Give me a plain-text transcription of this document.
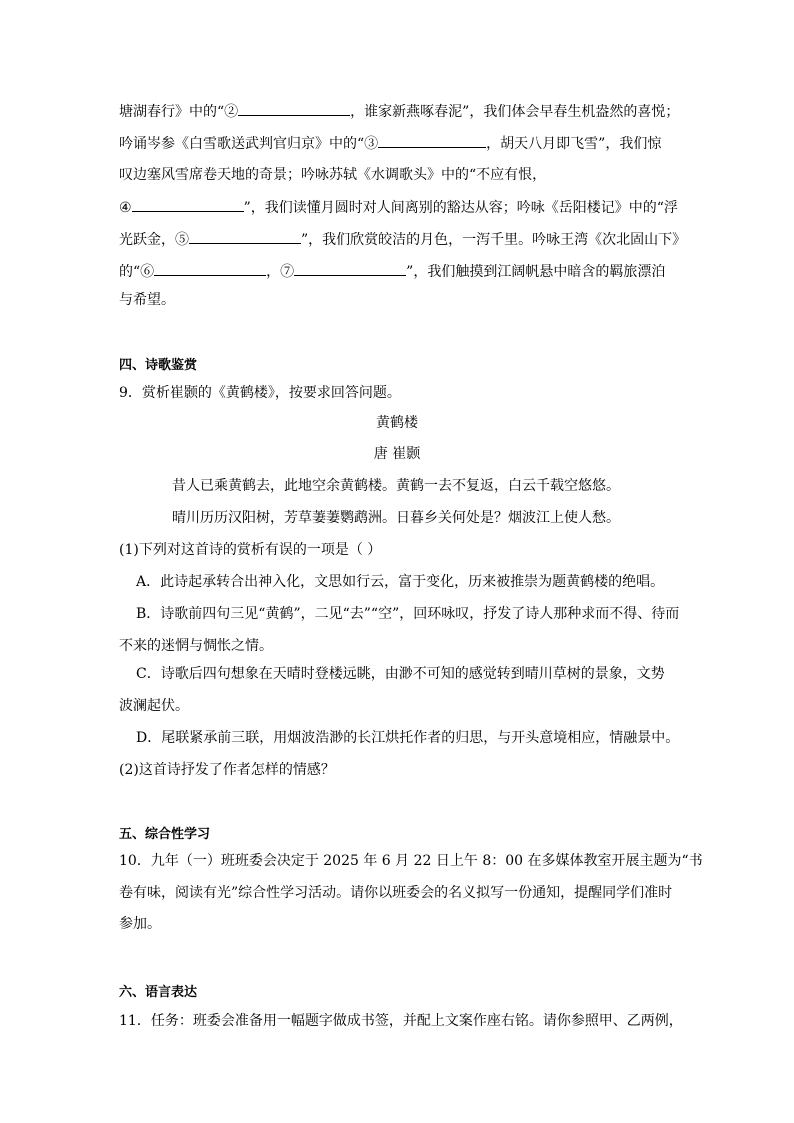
塘湖春行》中的“②	，谁家新燕啄春泥”，我们体会早春生机盎然的喜悦；
吟诵岑参《白雪歌送武判官归京》中的“③	，胡天八月即飞雪”，我们惊
叹边塞风雪席卷天地的奇景；吟咏苏轼《水调歌头》中的“不应有恨，
④	”，我们读懂月圆时对人间离别的豁达从容；吟咏《岳阳楼记》中的“浮
光跃金，⑤	”，我们欣赏皎洁的月色，一泻千里。吟咏王湾《次北固山下》
的“⑥	，⑦	”，我们触摸到江阔帆悬中暗含的羁旅漂泊
与希望。
四、诗歌鉴赏
9．赏析崔颢的《黄鹤楼》，按要求回答问题。
黄鹤楼
唐 崔颢
昔人已乘黄鹤去，此地空余黄鹤楼。黄鹤一去不复返，白云千载空悠悠。
晴川历历汉阳树，芳草萋萋鹦鹉洲。日暮乡关何处是？烟波江上使人愁。
(1)下列对这首诗的赏析有误的一项是（ ）
A．此诗起承转合出神入化，文思如行云，富于变化，历来被推崇为题黄鹤楼的绝唱。
B．诗歌前四句三见“黄鹤”，二见“去”“空”，回环咏叹，抒发了诗人那种求而不得、待而
不来的迷惘与惆怅之情。
C．诗歌后四句想象在天晴时登楼远眺，由渺不可知的感觉转到晴川草树的景象，文势
波澜起伏。
D．尾联紧承前三联，用烟波浩渺的长江烘托作者的归思，与开头意境相应，情融景中。
(2)这首诗抒发了作者怎样的情感？
五、综合性学习
10．九年（一）班班委会决定于 2025 年 6 月 22 日上午 8：00 在多媒体教室开展主题为“书
卷有味，阅读有光”综合性学习活动。请你以班委会的名义拟写一份通知，提醒同学们准时
参加。
六、语言表达
11．任务：班委会准备用一幅题字做成书签，并配上文案作座右铭。请你参照甲、乙两例，
